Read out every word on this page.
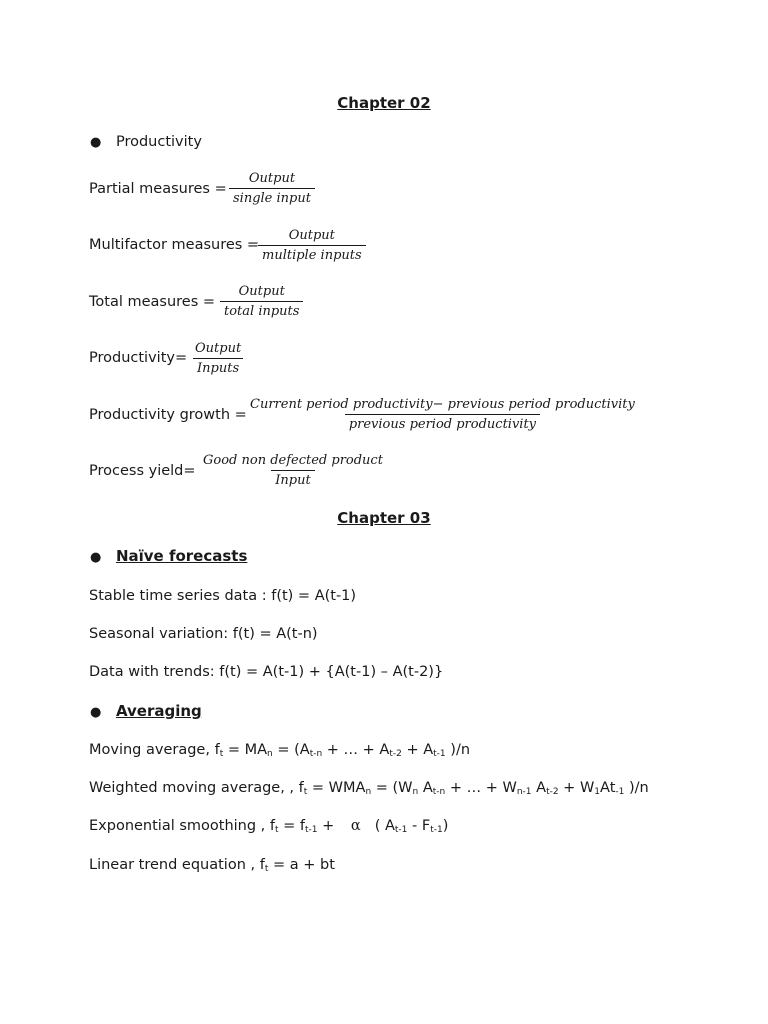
Chapter 02
● Productivity
Partial measures =
Output
single input
Multifactor measures =
Output
multiple inputs
Total measures =
Output
total inputs
Productivity=
Output
Inputs
Productivity growth =
Current period productivity− previous period productivity
previous period productivity
Process yield=
Good non defected product
Input
Chapter 03
● Naïve forecasts
Stable time series data : f(t) = A(t-1)
Seasonal variation: f(t) = A(t-n)
Data with trends: f(t) = A(t-1) + {A(t-1) – A(t-2)}
● Averaging
Moving average, $f_t = MA_n = (A_{t-n}$ + … + $A_{t-2} + A_{t-1}$ )/n
Weighted moving average, , $f_t = WMA_n = (W_n$ $A_{t-n}$ + … + $W_{n-1}$ $A_{t-2} + W_1At_{-1}$ )/n
Exponential smoothing , $f_t = f_{t-1} + \alpha$ ( $A_{t-1} - F_{t-1}$)
Linear trend equation , $f_t = a$ + bt
